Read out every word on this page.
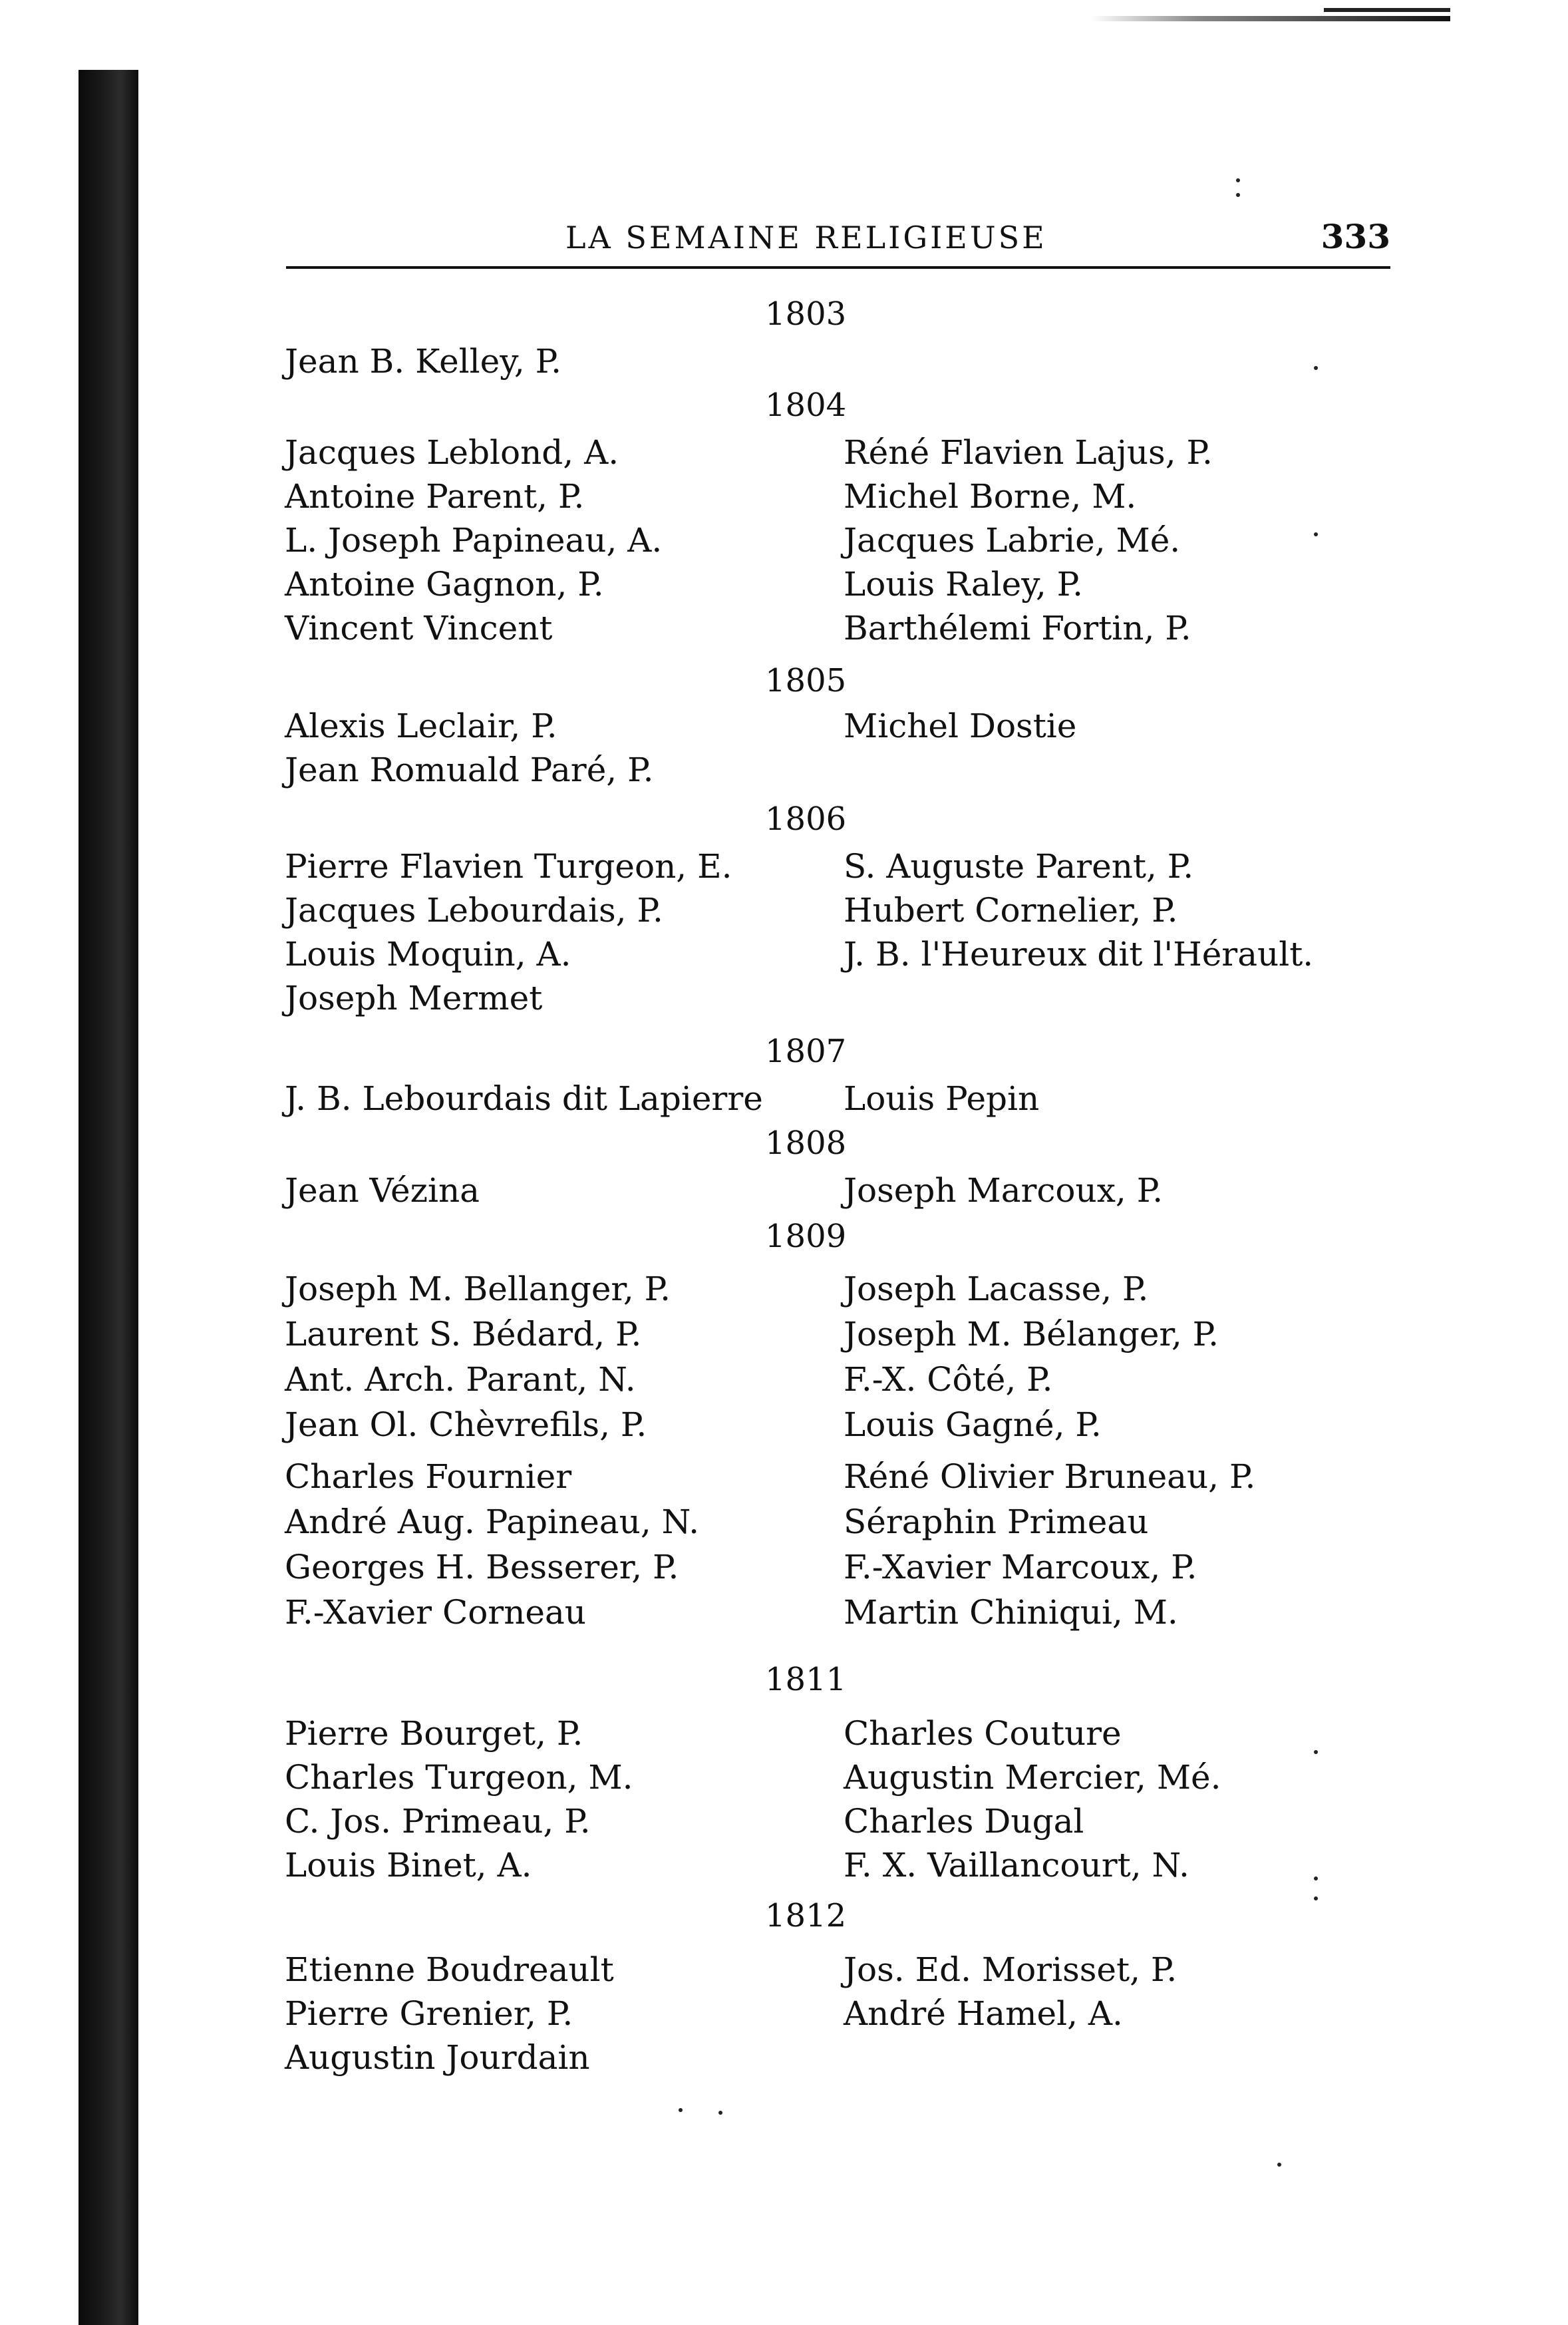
LA SEMAINE RELIGIEUSE	333
1803
Jean B. Kelley, P.
1804
Jacques Leblond, A.
Antoine Parent, P.
L. Joseph Papineau, A.
Antoine Gagnon, P.
Vincent Vincent
Réné Flavien Lajus, P.
Michel Borne, M.
Jacques Labrie, Mé.
Louis Raley, P.
Barthélemi Fortin, P.
1805
Alexis Leclair, P.
Jean Romuald Paré, P.
Michel Dostie
1806
Pierre Flavien Turgeon, E.
Jacques Lebourdais, P.
Louis Moquin, A.
Joseph Mermet
S. Auguste Parent, P.
Hubert Cornelier, P.
J. B. l'Heureux dit l'Hérault.
1807
J. B. Lebourdais dit Lapierre Louis Pepin
1808
Jean Vézina	Joseph Marcoux, P.
1809
Joseph M. Bellanger, P.
Laurent S. Bédard, P.
Ant. Arch. Parant, N.
Jean Ol. Chèvrefils, P.
Charles Fournier
André Aug. Papineau, N.
Georges H. Besserer, P.
F.-Xavier Corneau
Joseph Lacasse, P.
Joseph M. Bélanger, P.
F.-X. Côté, P.
Louis Gagné, P.
Réné Olivier Bruneau, P.
Séraphin Primeau
F.-Xavier Marcoux, P.
Martin Chiniqui, M.
1811
Pierre Bourget, P.
Charles Turgeon, M.
C. Jos. Primeau, P.
Louis Binet, A.
Charles Couture
Augustin Mercier, Mé.
Charles Dugal
F. X. Vaillancourt, N.
1812
Etienne Boudreault
Pierre Grenier, P.
Augustin Jourdain
Jos. Ed. Morisset, P.
André Hamel, A.
